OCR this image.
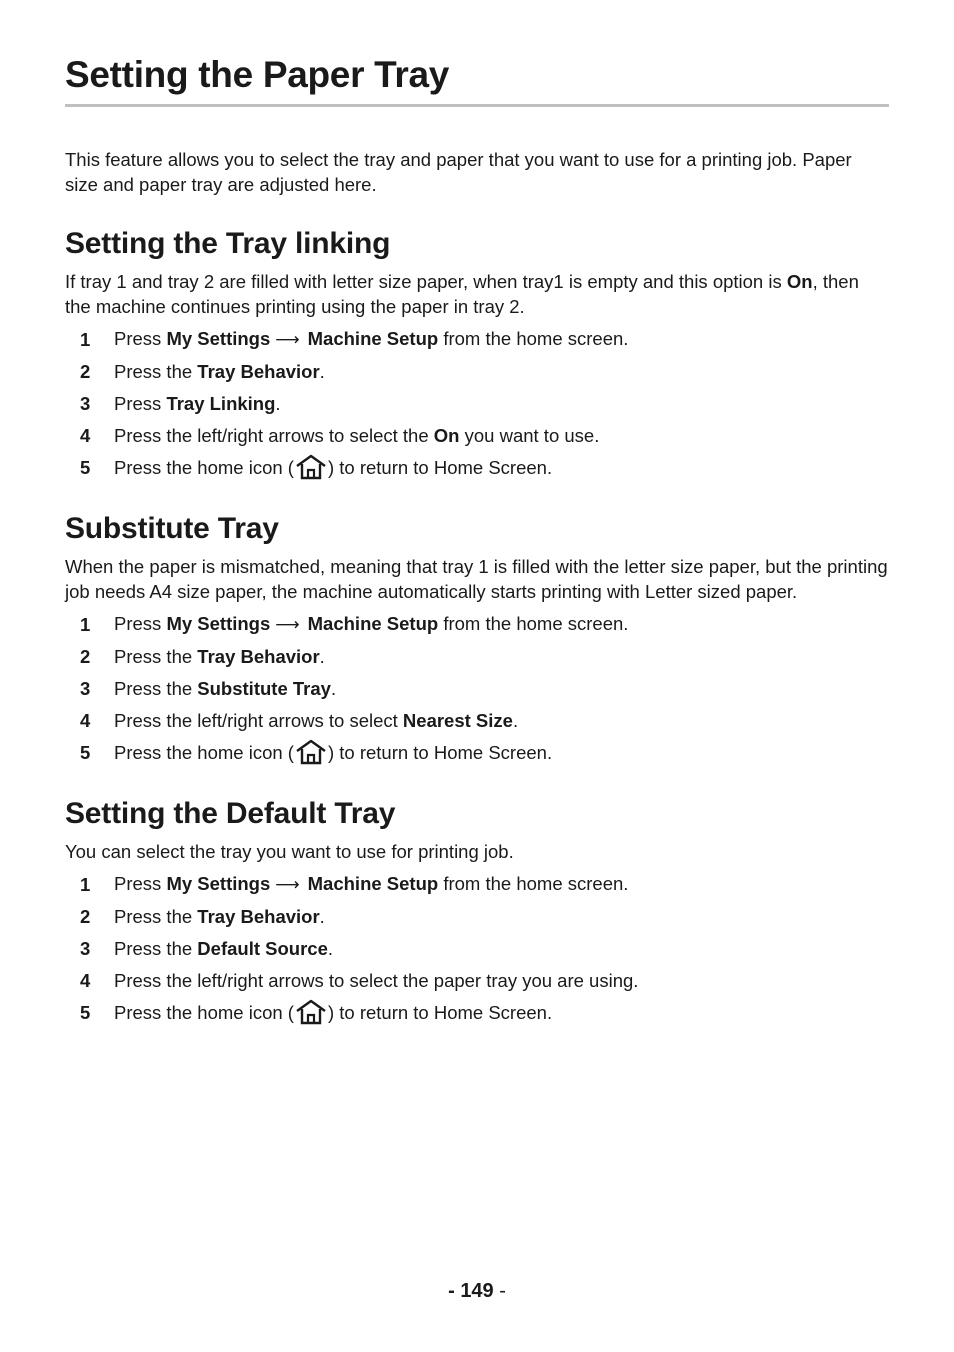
Setting the Paper Tray

This feature allows you to select the tray and paper that you want to use for a printing job. Paper size and paper tray are adjusted here.

Setting the Tray linking

If tray 1 and tray 2 are filled with letter size paper, when tray1 is empty and this option is On, then the machine continues printing using the paper in tray 2.

1	Press My Settings ⟶ Machine Setup from the home screen.
2	Press the Tray Behavior.
3	Press Tray Linking.
4	Press the left/right arrows to select the On you want to use.
5	Press the home icon ( ) to return to Home Screen.
Substitute Tray

When the paper is mismatched, meaning that tray 1 is filled with the letter size paper, but the printing job needs A4 size paper, the machine automatically starts printing with Letter sized paper.

1	Press My Settings ⟶ Machine Setup from the home screen.
2	Press the Tray Behavior.
3	Press the Substitute Tray.
4	Press the left/right arrows to select Nearest Size.
5	Press the home icon ( ) to return to Home Screen.
Setting the Default Tray

You can select the tray you want to use for printing job.

1	Press My Settings ⟶ Machine Setup from the home screen.
2	Press the Tray Behavior.
3	Press the Default Source.
4	Press the left/right arrows to select the paper tray you are using.
5	Press the home icon ( ) to return to Home Screen.
- 149 -
